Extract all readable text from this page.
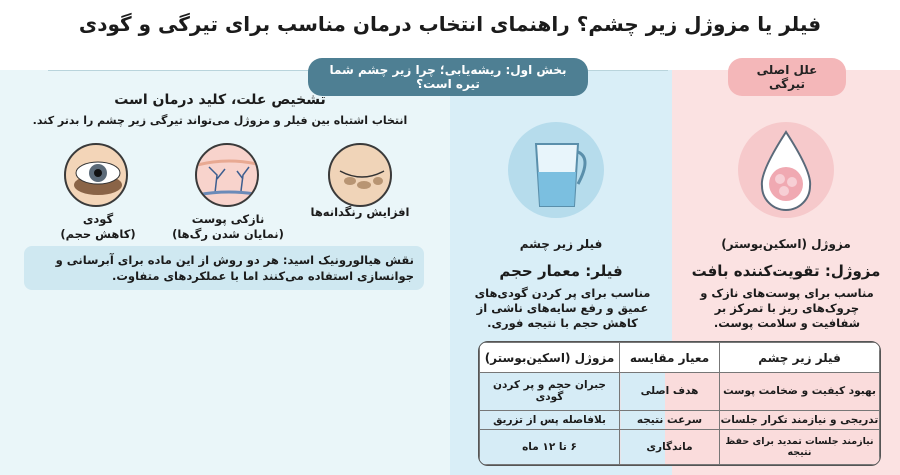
فیلر یا مزوژل زیر چشم؟ راهنمای انتخاب درمان مناسب برای تیرگی و گودی
بخش اول: ریشه‌یابی؛ چرا زیر چشم شما تیره است؟
علل اصلی تیرگی
تشخیص علت، کلید درمان است
انتخاب اشتباه بین فیلر و مزوژل می‌تواند تیرگی زیر چشم را بدتر کند.
گودی
(کاهش حجم)
نازکی پوست
(نمایان شدن رگ‌ها)
افزایش رنگدانه‌ها
نقش هیالورونیک اسید: هر دو روش از این ماده برای آبرسانی و جوانسازی استفاده می‌کنند اما با عملکردهای متفاوت.
فیلر زیر چشم
فیلر: معمار حجم
مناسب برای پر کردن گودی‌های عمیق و رفع سایه‌های ناشی از کاهش حجم با نتیجه فوری.
مزوژل (اسکین‌بوستر)
مزوژل: تقویت‌کننده بافت
مناسب برای پوست‌های نازک و چروک‌های ریز با تمرکز بر شفافیت و سلامت پوست.
فیلر زیر چشم	معیار مقایسه	مزوژل (اسکین‌بوستر)
بهبود کیفیت و ضخامت پوست	هدف اصلی	جبران حجم و پر کردن گودی
تدریجی و نیازمند تکرار جلسات	سرعت نتیجه	بلافاصله پس از تزریق
نیازمند جلسات تمدید برای حفظ نتیجه	ماندگاری	۶ تا ۱۲ ماه
